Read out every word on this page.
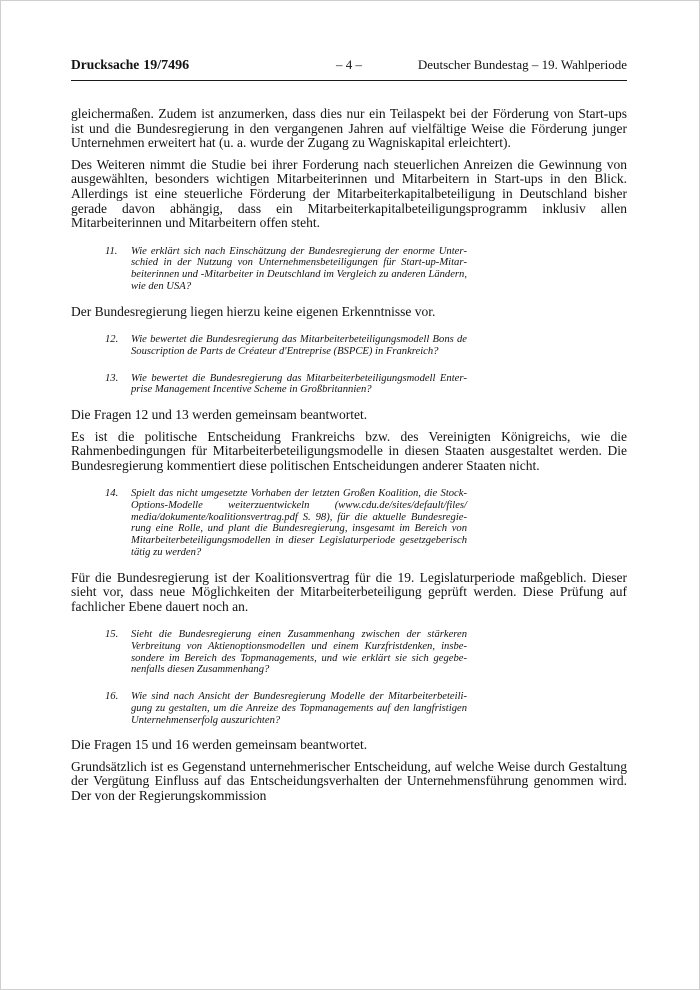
Drucksache 19/7496	– 4 –	Deutscher Bundestag – 19. Wahlperiode

gleichermaßen. Zudem ist anzumerken, dass dies nur ein Teilaspekt bei der Förderung von Start-ups ist und die Bundesregierung in den vergangenen Jahren auf vielfältige Weise die Förderung junger Unternehmen erweitert hat (u. a. wurde der Zugang zu Wagniskapital erleichtert).

Des Weiteren nimmt die Studie bei ihrer Forderung nach steuerlichen Anreizen die Gewinnung von ausgewählten, besonders wichtigen Mitarbeiterinnen und Mitarbeitern in Start-ups in den Blick. Allerdings ist eine steuerliche Förderung der Mitarbeiterkapitalbeteiligung in Deutschland bisher gerade davon abhängig, dass ein Mitarbeiterkapitalbeteiligungsprogramm inklusiv allen Mitarbeiterinnen und Mitarbeitern offen steht.

11.	Wie erklärt sich nach Einschätzung der Bundesregierung der enorme Unterschied in der Nutzung von Unternehmensbeteiligungen für Start-up-Mitarbeiterinnen und -Mitarbeiter in Deutschland im Vergleich zu anderen Ländern, wie den USA?

Der Bundesregierung liegen hierzu keine eigenen Erkenntnisse vor.

12.	Wie bewertet die Bundesregierung das Mitarbeiterbeteiligungsmodell Bons de Souscription de Parts de Créateur d'Entreprise (BSPCE) in Frankreich?
13.	Wie bewertet die Bundesregierung das Mitarbeiterbeteiligungsmodell Enterprise Management Incentive Scheme in Großbritannien?

Die Fragen 12 und 13 werden gemeinsam beantwortet.

Es ist die politische Entscheidung Frankreichs bzw. des Vereinigten Königreichs, wie die Rahmenbedingungen für Mitarbeiterbeteiligungsmodelle in diesen Staaten ausgestaltet werden. Die Bundesregierung kommentiert diese politischen Entscheidungen anderer Staaten nicht.

14.	Spielt das nicht umgesetzte Vorhaben der letzten Großen Koalition, die Stock-Options-Modelle weiterzuentwickeln (www.cdu.de/sites/default/files/​media/dokumente/koalitionsvertrag.pdf S. 98), für die aktuelle Bundesregierung eine Rolle, und plant die Bundesregierung, insgesamt im Bereich von Mitarbeiterbeteiligungsmodellen in dieser Legislaturperiode gesetzgeberisch tätig zu werden?

Für die Bundesregierung ist der Koalitionsvertrag für die 19. Legislaturperiode maßgeblich. Dieser sieht vor, dass neue Möglichkeiten der Mitarbeiterbeteiligung geprüft werden. Diese Prüfung auf fachlicher Ebene dauert noch an.

15.	Sieht die Bundesregierung einen Zusammenhang zwischen der stärkeren Verbreitung von Aktienoptionsmodellen und einem Kurzfristdenken, insbesondere im Bereich des Topmanagements, und wie erklärt sie sich gegebenenfalls diesen Zusammenhang?
16.	Wie sind nach Ansicht der Bundesregierung Modelle der Mitarbeiterbeteiligung zu gestalten, um die Anreize des Topmanagements auf den langfristigen Unternehmenserfolg auszurichten?

Die Fragen 15 und 16 werden gemeinsam beantwortet.

Grundsätzlich ist es Gegenstand unternehmerischer Entscheidung, auf welche Weise durch Gestaltung der Vergütung Einfluss auf das Entscheidungsverhalten der Unternehmensführung genommen wird. Der von der Regierungskommission
